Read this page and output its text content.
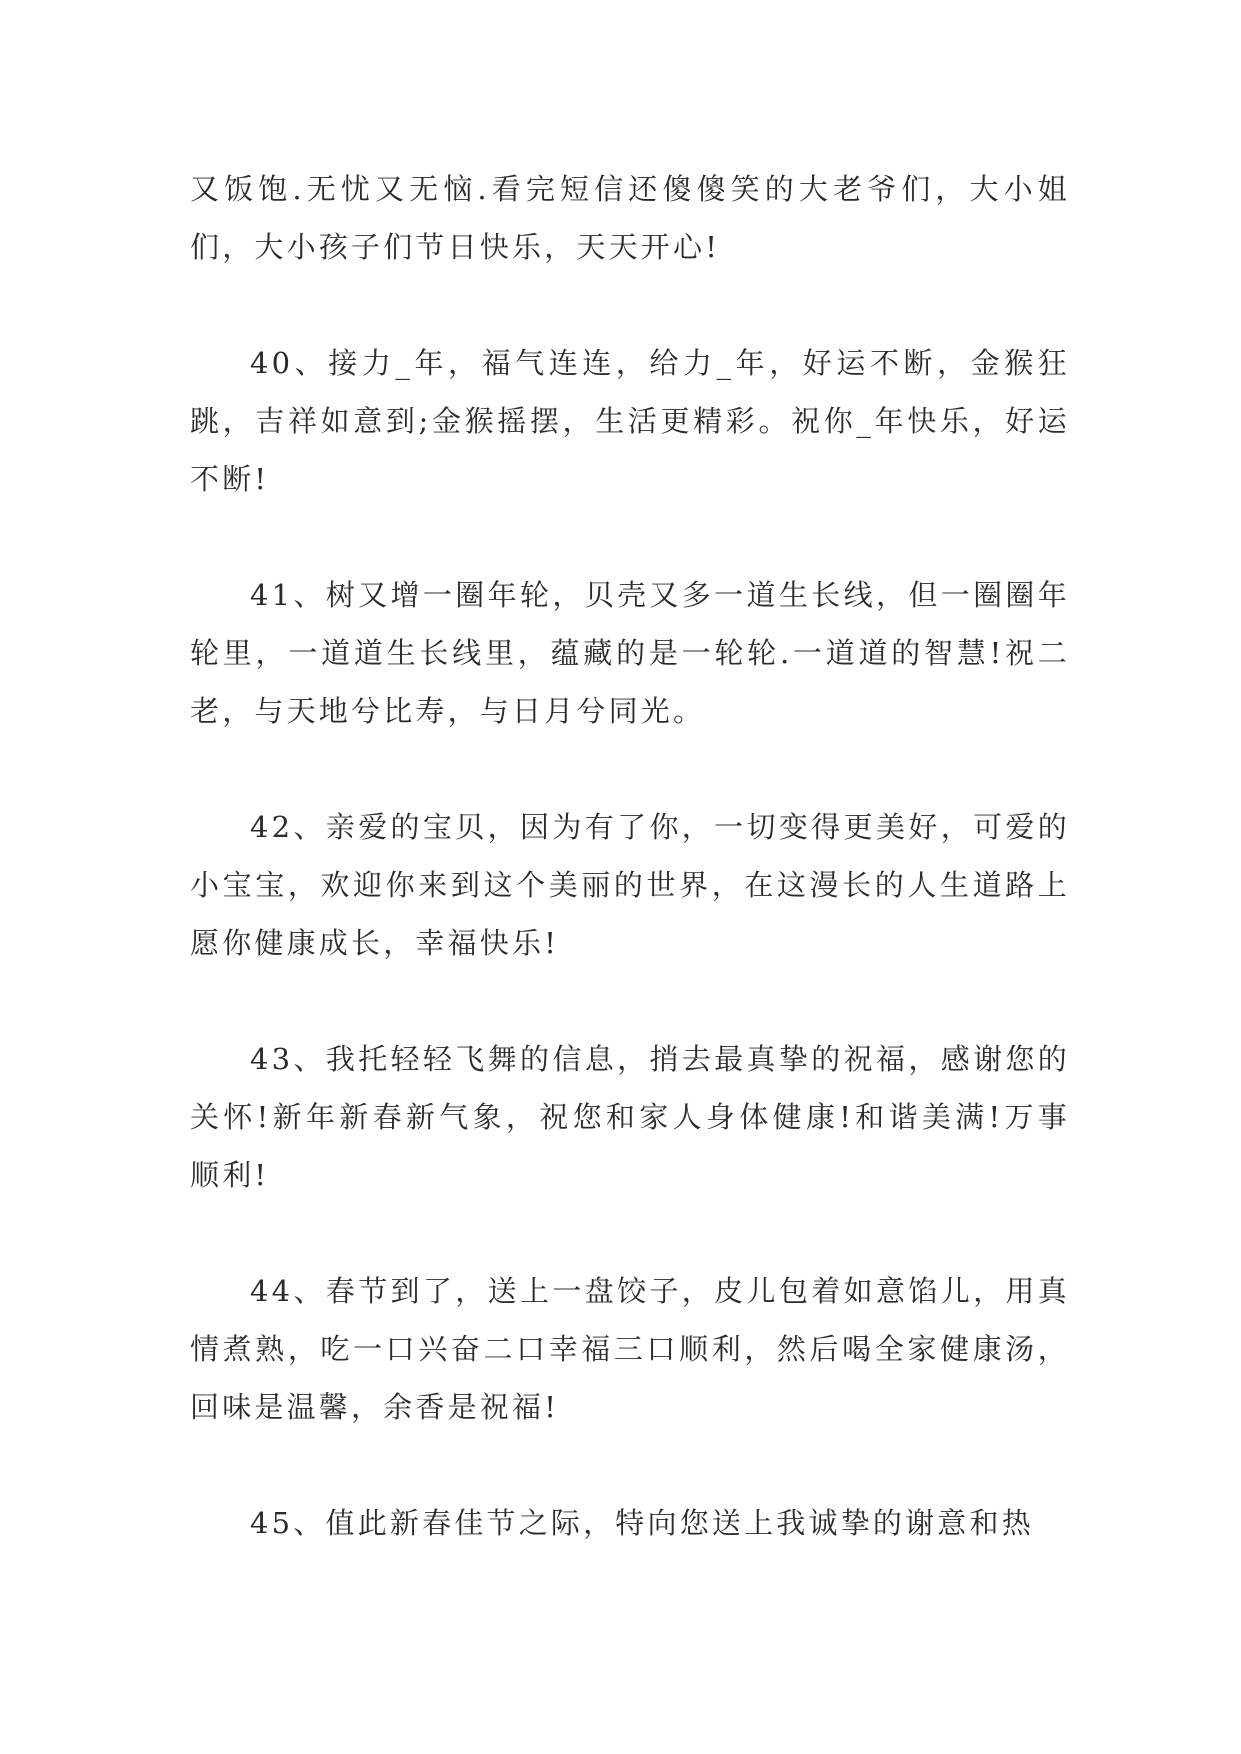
又饭饱.无忧又无恼.看完短信还傻傻笑的大老爷们，大小姐们，大小孩子们节日快乐，天天开心!

40、接力_年，福气连连，给力_年，好运不断，金猴狂跳，吉祥如意到;金猴摇摆，生活更精彩。祝你_年快乐，好运不断!

41、树又增一圈年轮，贝壳又多一道生长线，但一圈圈年轮里，一道道生长线里，蕴藏的是一轮轮.一道道的智慧!祝二老，与天地兮比寿，与日月兮同光。

42、亲爱的宝贝，因为有了你，一切变得更美好，可爱的小宝宝，欢迎你来到这个美丽的世界，在这漫长的人生道路上愿你健康成长，幸福快乐!

43、我托轻轻飞舞的信息，捎去最真挚的祝福，感谢您的关怀!新年新春新气象，祝您和家人身体健康!和谐美满!万事顺利!

44、春节到了，送上一盘饺子，皮儿包着如意馅儿，用真情煮熟，吃一口兴奋二口幸福三口顺利，然后喝全家健康汤，回味是温馨，余香是祝福!

45、值此新春佳节之际，特向您送上我诚挚的谢意和热
